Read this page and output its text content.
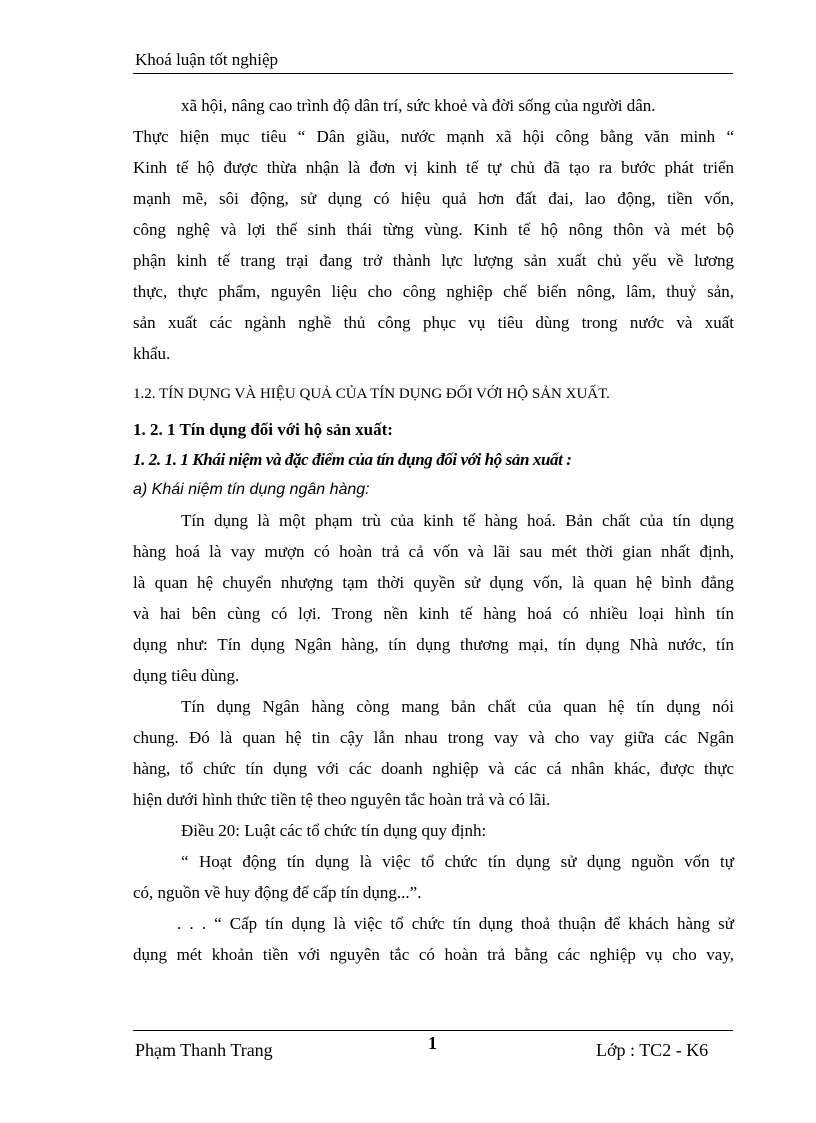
Khoá luận tốt nghiệp
xã hội, nâng cao trình độ dân trí, sức khoẻ và đời sống của người dân.
Thực hiện mục tiêu “ Dân giầu, nước mạnh xã hội công bằng văn minh “
Kinh tế hộ được thừa nhận là đơn vị kinh tế tự chủ đã tạo ra bước phát triển
mạnh mẽ, sôi động, sử dụng có hiệu quả hơn đất đai, lao động, tiền vốn,
công nghệ và lợi thế sinh thái từng vùng. Kinh tế hộ nông thôn và mét bộ
phận kinh tế trang trại đang trở thành lực lượng sản xuất chủ yếu về lương
thực, thực phẩm, nguyên liệu cho công nghiệp chế biến nông, lâm, thuỷ sản,
sản xuất các ngành nghề thủ công phục vụ tiêu dùng trong nước và xuất
khẩu.
1.2. TÍN DỤNG VÀ HIỆU QUẢ CỦA TÍN DỤNG ĐỐI VỚI HỘ SẢN XUẤT.
1. 2. 1 Tín dụng đối với hộ sản xuất:
1. 2. 1. 1 Khái niệm và đặc điểm của tín dụng đối với hộ sản xuất :
a) Khái niệm tín dụng ngân hàng:
Tín dụng là một phạm trù của kinh tế hàng hoá. Bản chất của tín dụng
hàng hoá là vay mượn có hoàn trả cả vốn và lãi sau mét thời gian nhất định,
là quan hệ chuyển nhượng tạm thời quyền sử dụng vốn, là quan hệ bình đẳng
và hai bên cùng có lợi. Trong nền kinh tế hàng hoá có nhiều loại hình tín
dụng như: Tín dụng Ngân hàng, tín dụng thương mại, tín dụng Nhà nước, tín
dụng tiêu dùng.
Tín dụng Ngân hàng còng mang bản chất của quan hệ tín dụng nói
chung. Đó là quan hệ tin cậy lẫn nhau trong vay và cho vay giữa các Ngân
hàng, tổ chức tín dụng với các doanh nghiệp và các cá nhân khác, được thực
hiện dưới hình thức tiền tệ theo nguyên tắc hoàn trả và có lãi.
Điều 20: Luật các tổ chức tín dụng quy định:
“ Hoạt động tín dụng là việc tổ chức tín dụng sử dụng nguồn vốn tự
có, nguồn về huy động để cấp tín dụng...”.
. . . “ Cấp tín dụng là việc tổ chức tín dụng thoả thuận để khách hàng sử
dụng mét khoản tiền với nguyên tắc có hoàn trả bằng các nghiệp vụ cho vay,
Phạm Thanh Trang	1	Lớp : TC2 - K6
